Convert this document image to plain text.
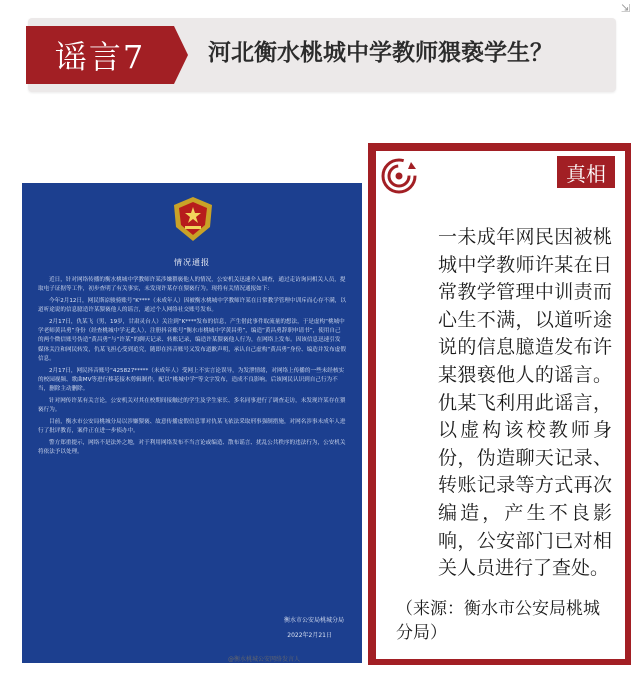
谣言7	河北衡水桃城中学教师猥亵学生？
⇲
情况通报

近日，针对网络传播的衡水桃城中学教师许某涉嫌猥亵他人的情况，公安机关迅速介入调查，通过走访询问相关人员，提取电子证据等工作，初步查明了有关事实，未发现许某存在猥亵行为。现将有关情况通报如下：

今年2月12日，网民斯凉骏骑账号“K****（未成年人）因被衡水桃城中学教师许某在日常教学管理中训斥而心存不满，以道听途说的信息臆造许某猥亵他人的谣言，通过个人网络社交账号发布。

2月17日，仇某飞（男，19岁，甘肃灵台人）关注到“K****发布的信息，产生借此事件取流量的想法，于是虚构“桃城中学老师黄昌勇”身份（经查桃城中学无此人），注册抖音账号“衡水市桃城中学黄昌勇”，编造“黄昌勇辞职申请书”，使用自己的两个微信账号伪造“黄昌勇”与“许某”的聊天记录、转账记录，编造许某猥亵他人行为，在网络上发布。因该信息迅速引发媒体关注和网民转发，仇某飞担心受到追究，随即在抖音账号又发布道歉声明，承认自己虚构“黄昌勇”身份、编造并发布虚假信息。

2月17日，网民抖音账号“425827*****（未成年人）受网上不实言论误导，为发泄情绪，对网络上传播的一些未经核实的校园视频、歌曲MV等进行移花接木剪辑制作，配以“桃城中学”等文字发布，造成不良影响。后该网民认识到自己行为不当，删除主动删除。

针对网传许某有关言论，公安机关对其在校期间接触过的学生及学生家长、多名同事进行了调查走访，未发现许某存在猥亵行为。

目前，衡水市公安局桃城分局以涉嫌猥亵、故意传播虚假信息罪对仇某飞依法采取刑事强制措施，对网名涉事未成年人进行了批评教育，案件正在进一步侦办中。

警方郑重提示，网络不是法外之地，对于利用网络发布不当言论或编造、散布谣言、扰乱公共秩序的违法行为，公安机关将依法予以处理。

衡水市公安局桃城分局
2022年2月21日
@衡水桃城公安网络发言人
真相
一未成年网民因被桃城中学教师许某在日常教学管理中训责而心生不满，以道听途说的信息臆造发布许某猥亵他人的谣言。仇某飞利用此谣言，以虚构该校教师身份，伪造聊天记录、转账记录等方式再次编造，产生不良影响，公安部门已对相关人员进行了查处。
（来源：衡水市公安局桃城分局）
